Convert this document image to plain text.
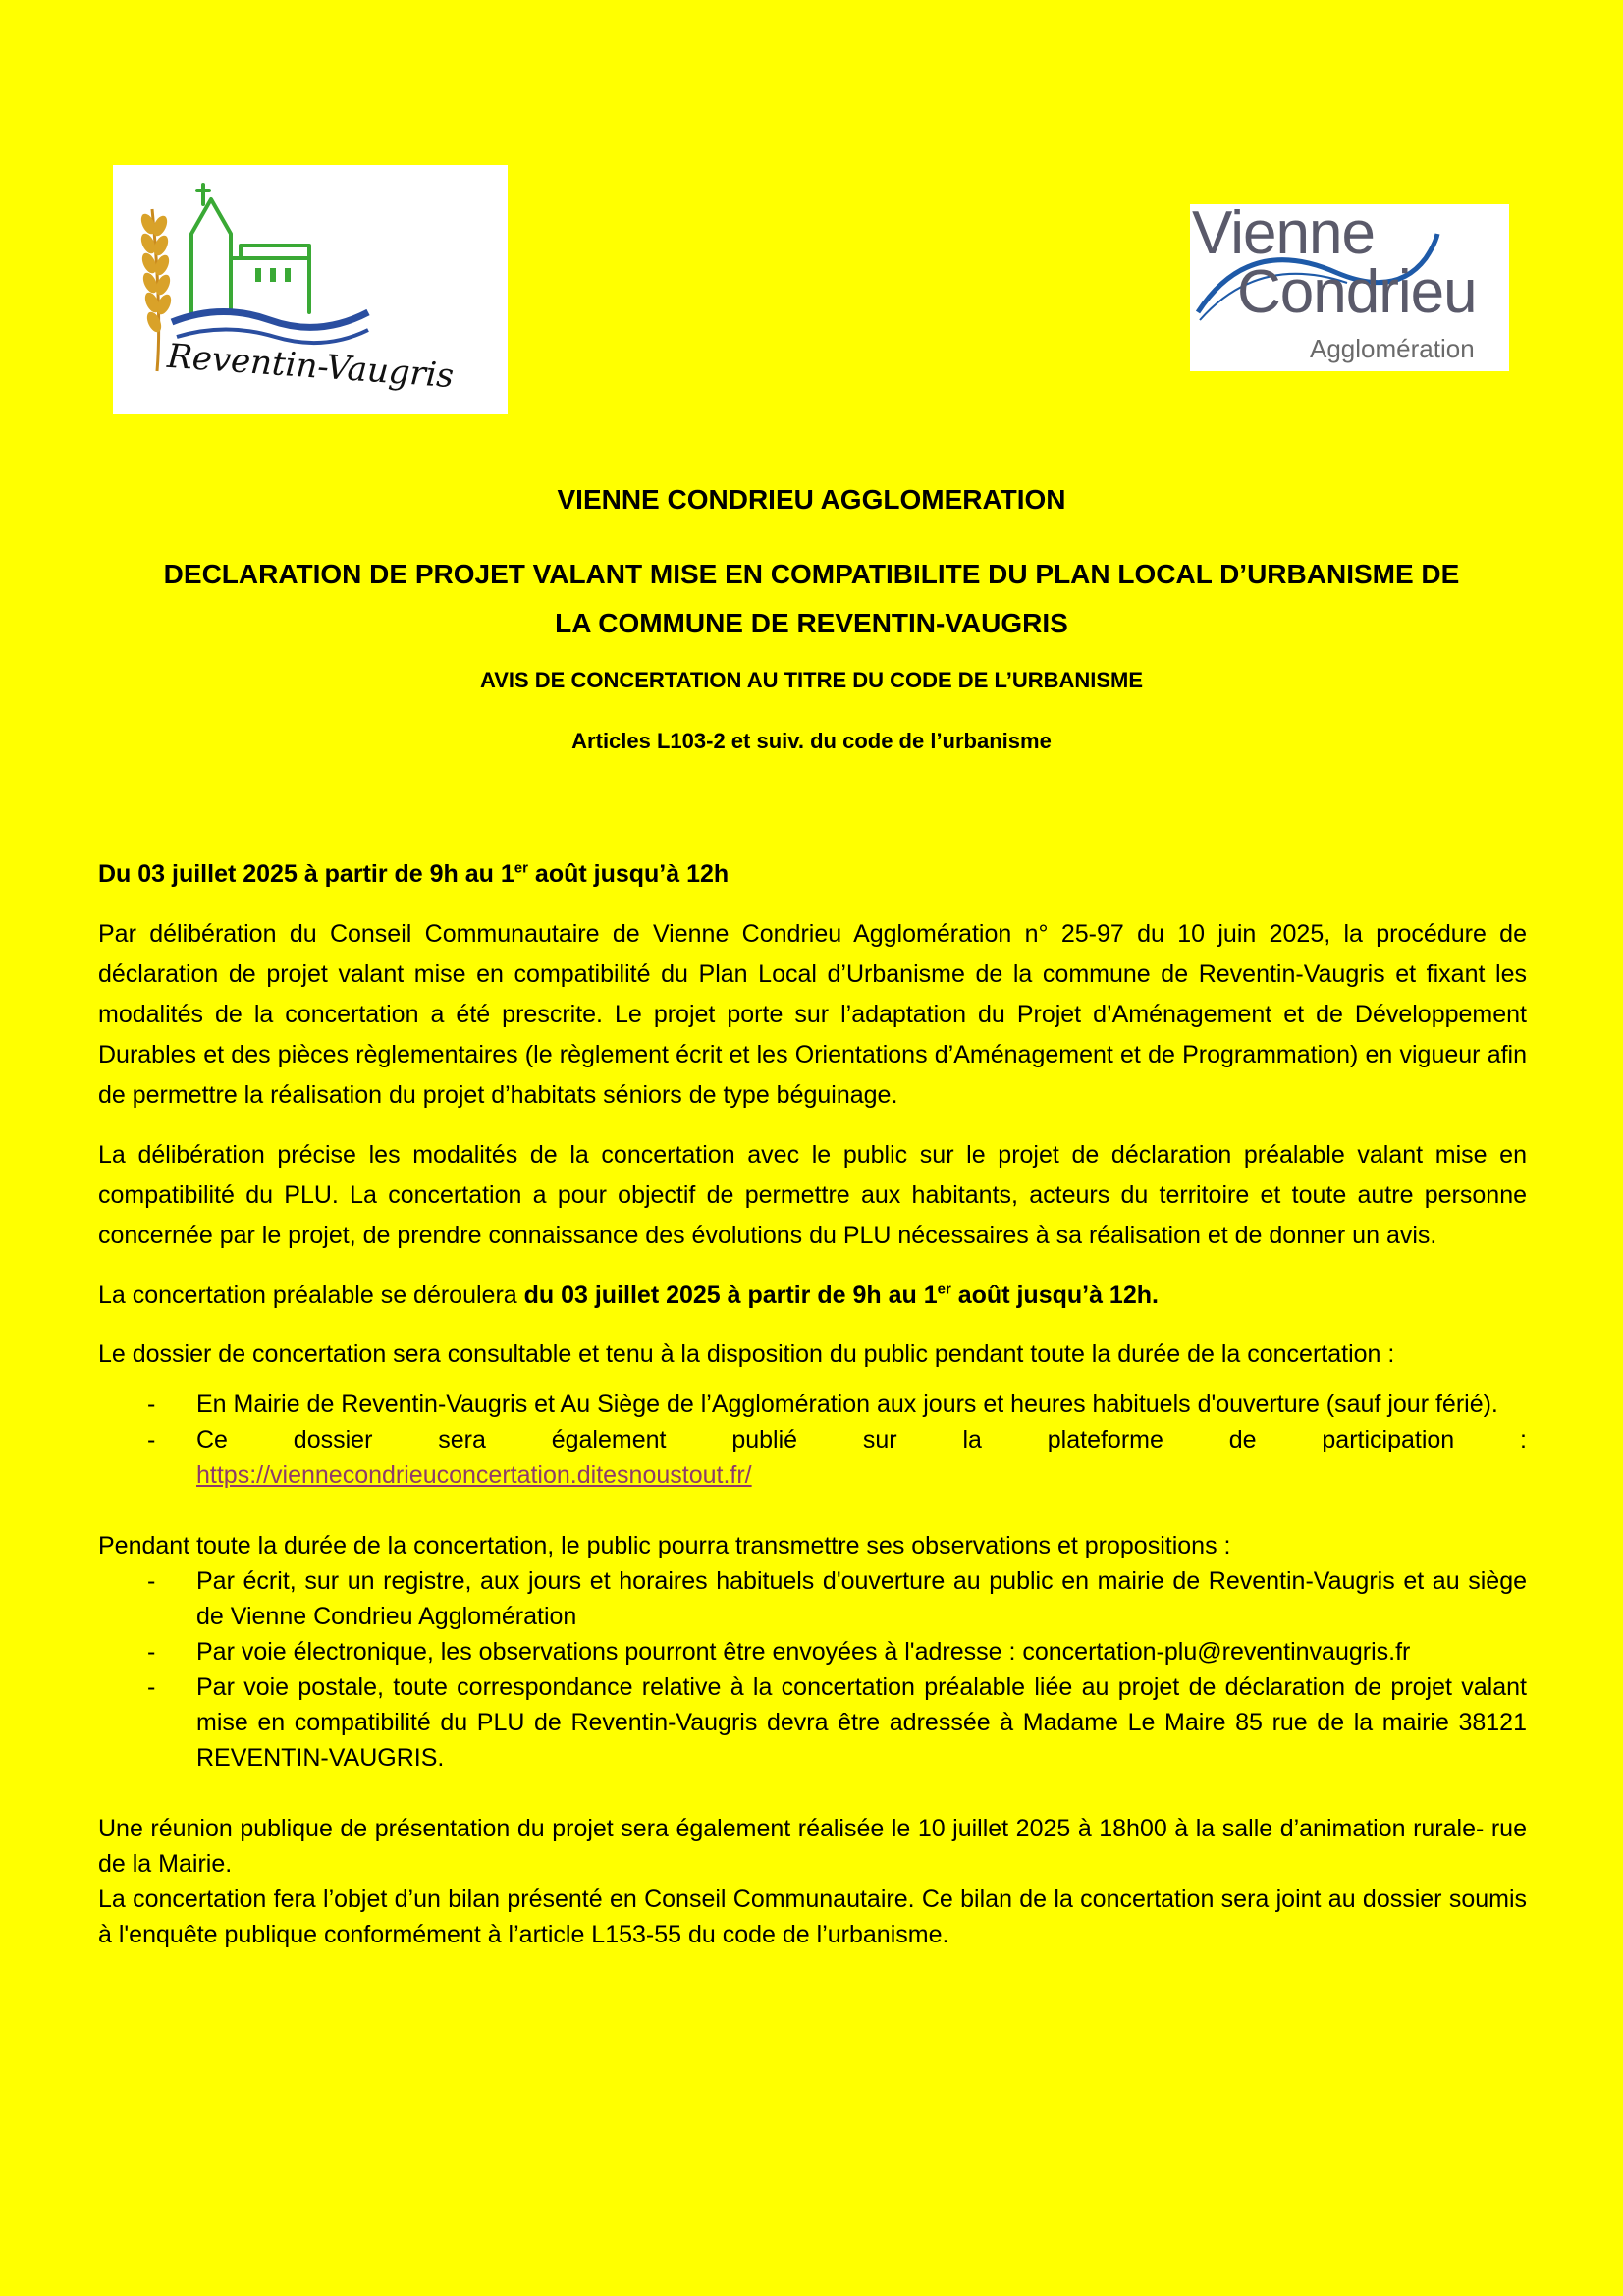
Reventin-Vaugris
Vienne
Condrieu
Agglomération
VIENNE CONDRIEU AGGLOMERATION
DECLARATION DE PROJET VALANT MISE EN COMPATIBILITE DU PLAN LOCAL D’URBANISME DE
LA COMMUNE DE REVENTIN-VAUGRIS
AVIS DE CONCERTATION AU TITRE DU CODE DE L’URBANISME
Articles L103-2 et suiv. du code de l’urbanisme

Du 03 juillet 2025 à partir de 9h au 1er août jusqu’à 12h

Par délibération du Conseil Communautaire de Vienne Condrieu Agglomération n° 25-97 du 10 juin 2025, la procédure de déclaration de projet valant mise en compatibilité du Plan Local d’Urbanisme de la commune de Reventin-Vaugris et fixant les modalités de la concertation a été prescrite. Le projet porte sur l’adaptation du Projet d’Aménagement et de Développement Durables et des pièces règlementaires (le règlement écrit et les Orientations d’Aménagement et de Programmation) en vigueur afin de permettre la réalisation du projet d’habitats séniors de type béguinage.

La délibération précise les modalités de la concertation avec le public sur le projet de déclaration préalable valant mise en compatibilité du PLU. La concertation a pour objectif de permettre aux habitants, acteurs du territoire et toute autre personne concernée par le projet, de prendre connaissance des évolutions du PLU nécessaires à sa réalisation et de donner un avis.

La concertation préalable se déroulera du 03 juillet 2025 à partir de 9h au 1er août jusqu’à 12h.

Le dossier de concertation sera consultable et tenu à la disposition du public pendant toute la durée de la concertation :

- En Mairie de Reventin-Vaugris et Au Siège de l’Agglomération aux jours et heures habituels d'ouverture (sauf jour férié).
- Ce dossier sera également publié sur la plateforme de participation :
https://viennecondrieuconcertation.ditesnoustout.fr/

Pendant toute la durée de la concertation, le public pourra transmettre ses observations et propositions :

- Par écrit, sur un registre, aux jours et horaires habituels d'ouverture au public en mairie de Reventin-Vaugris et au siège de Vienne Condrieu Agglomération
- Par voie électronique, les observations pourront être envoyées à l'adresse : concertation-plu@reventinvaugris.fr
- Par voie postale, toute correspondance relative à la concertation préalable liée au projet de déclaration de projet valant mise en compatibilité du PLU de Reventin-Vaugris devra être adressée à Madame Le Maire 85 rue de la mairie 38121 REVENTIN-VAUGRIS.

Une réunion publique de présentation du projet sera également réalisée le 10 juillet 2025 à 18h00 à la salle d’animation rurale- rue de la Mairie.

La concertation fera l’objet d’un bilan présenté en Conseil Communautaire. Ce bilan de la concertation sera joint au dossier soumis à l'enquête publique conformément à l’article L153-55 du code de l’urbanisme.
